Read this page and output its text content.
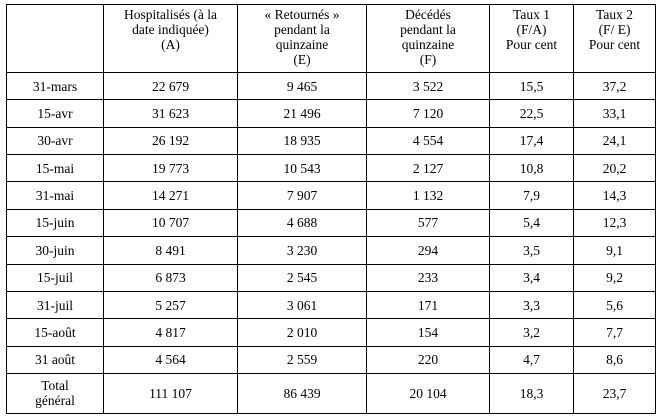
	Hospitalisés (à la
date indiquée)
(A)	« Retournés »
pendant la
quinzaine
(E)	Décédés
pendant la
quinzaine
(F)	Taux 1
(F/A)
Pour cent	Taux 2
(F/ E)
Pour cent

31-mars	22 679	9 465	3 522	15,5	37,2

15-avr	31 623	21 496	7 120	22,5	33,1

30-avr	26 192	18 935	4 554	17,4	24,1

15-mai	19 773	10 543	2 127	10,8	20,2

31-mai	14 271	7 907	1 132	7,9	14,3

15-juin	10 707	4 688	577	5,4	12,3

30-juin	8 491	3 230	294	3,5	9,1

15-juil	6 873	2 545	233	3,4	9,2

31-juil	5 257	3 061	171	3,3	5,6

15-août	4 817	2 010	154	3,2	7,7

31 août	4 564	2 559	220	4,7	8,6

Total
général	111 107	86 439	20 104	18,3	23,7
